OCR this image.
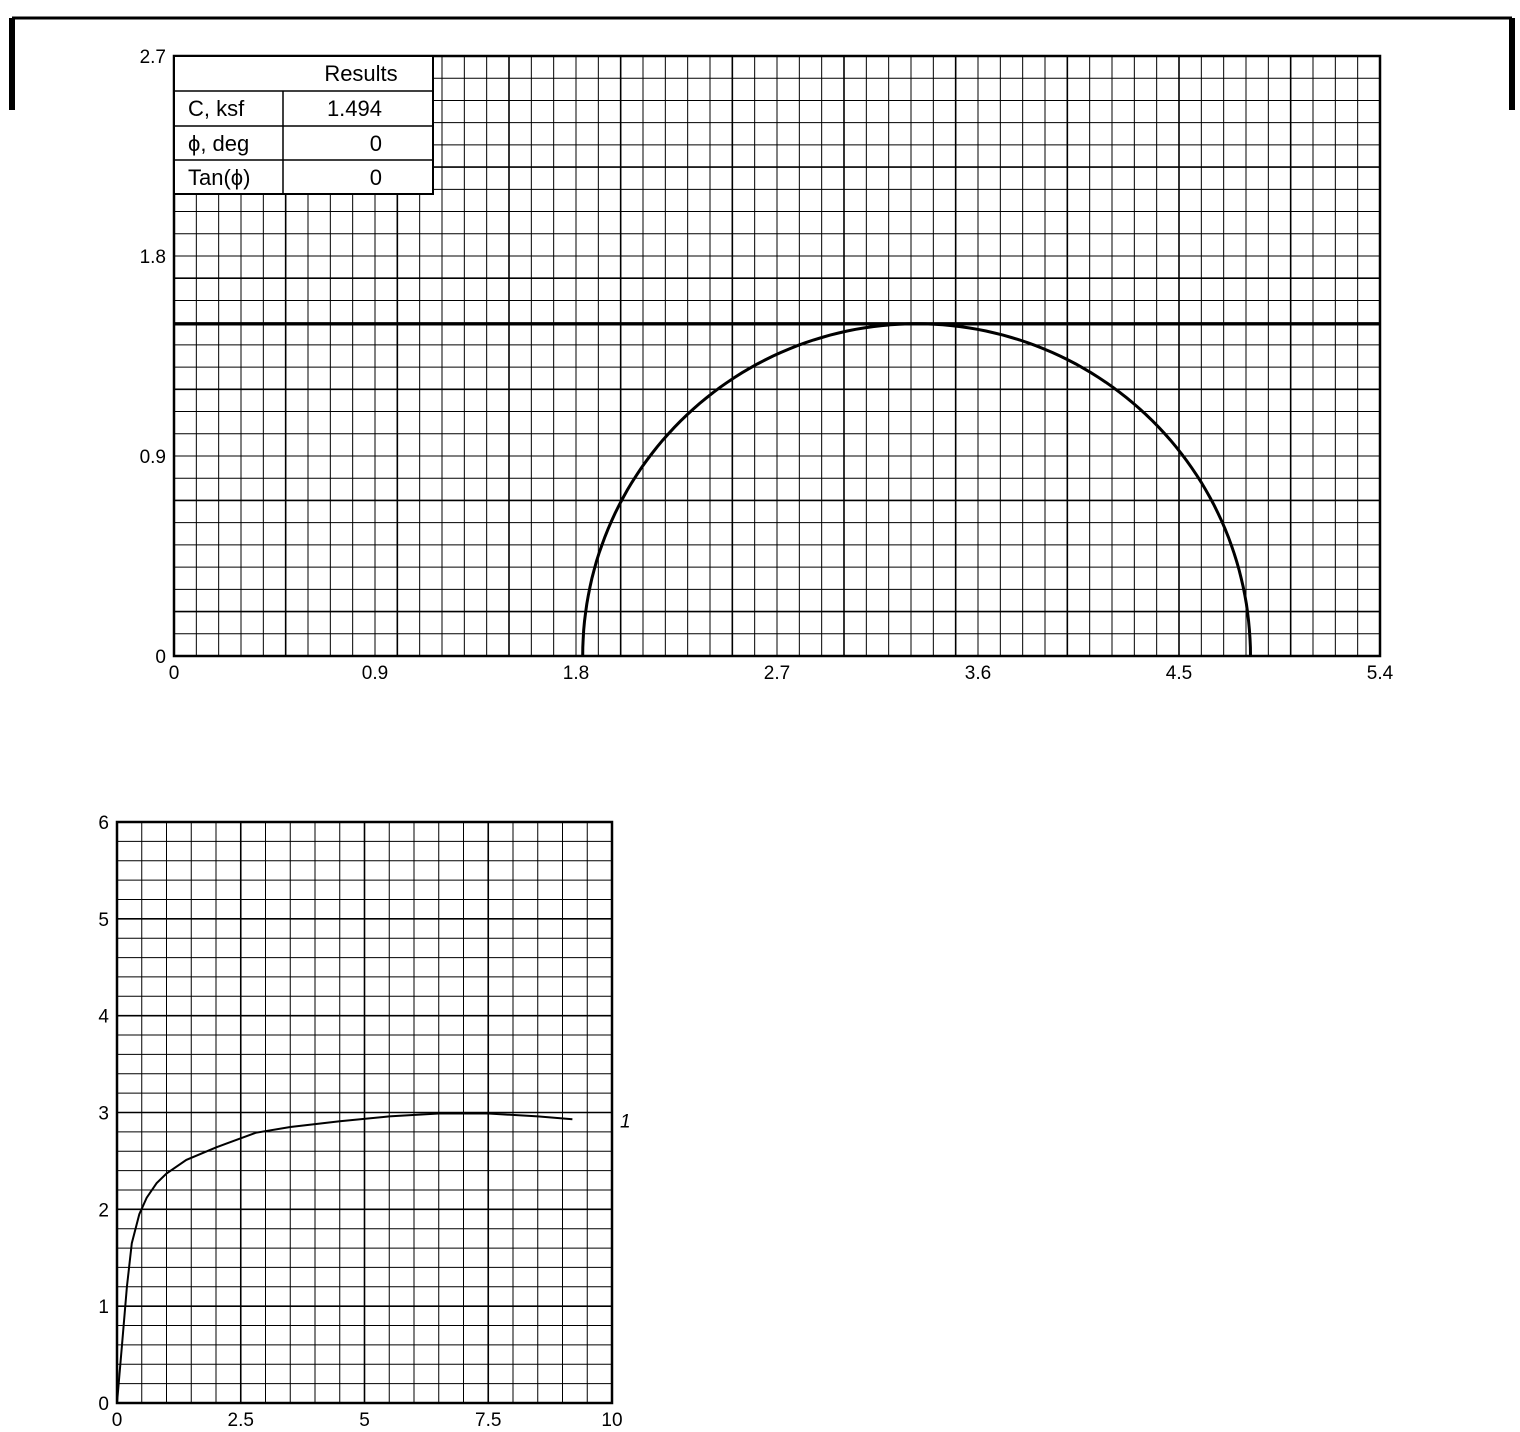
0
0.9
1.8
2.7
0	0.9	1.8	2.7	3.6	4.5	5.4
Results
C, ksf	1.494
ϕ, deg	0
Tan(ϕ)	0
0
1
2
3
4
5
6
0	2.5	5	7.5	10
1
